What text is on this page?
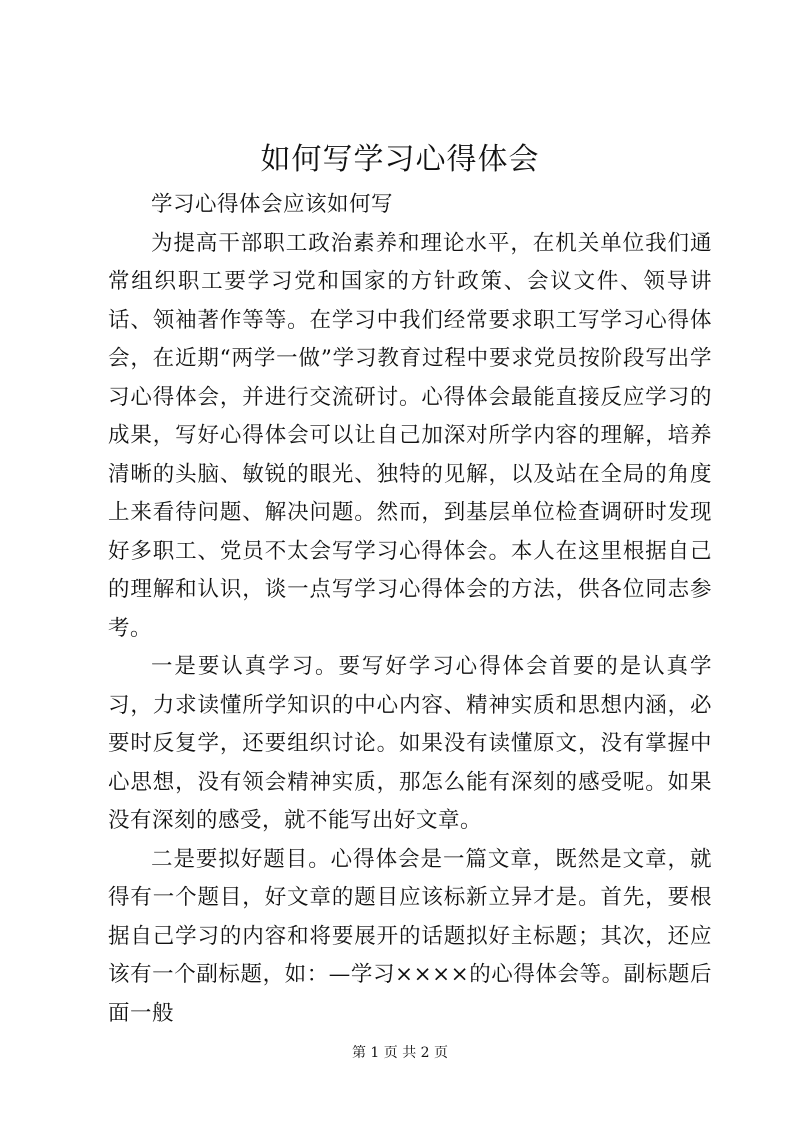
如何写学习心得体会

学习心得体会应该如何写

为提高干部职工政治素养和理论水平，在机关单位我们通常组织职工要学习党和国家的方针政策、会议文件、领导讲话、领袖著作等等。在学习中我们经常要求职工写学习心得体会，在近期“两学一做”学习教育过程中要求党员按阶段写出学习心得体会，并进行交流研讨。心得体会最能直接反应学习的成果，写好心得体会可以让自己加深对所学内容的理解，培养清晰的头脑、敏锐的眼光、独特的见解，以及站在全局的角度上来看待问题、解决问题。然而，到基层单位检查调研时发现好多职工、党员不太会写学习心得体会。本人在这里根据自己的理解和认识，谈一点写学习心得体会的方法，供各位同志参考。

一是要认真学习。要写好学习心得体会首要的是认真学习，力求读懂所学知识的中心内容、精神实质和思想内涵，必要时反复学，还要组织讨论。如果没有读懂原文，没有掌握中心思想，没有领会精神实质，那怎么能有深刻的感受呢。如果没有深刻的感受，就不能写出好文章。

二是要拟好题目。心得体会是一篇文章，既然是文章，就得有一个题目，好文章的题目应该标新立异才是。首先，要根据自己学习的内容和将要展开的话题拟好主标题；其次，还应该有一个副标题，如：—学习××××的心得体会等。副标题后面一般

第 1 页 共 2 页
